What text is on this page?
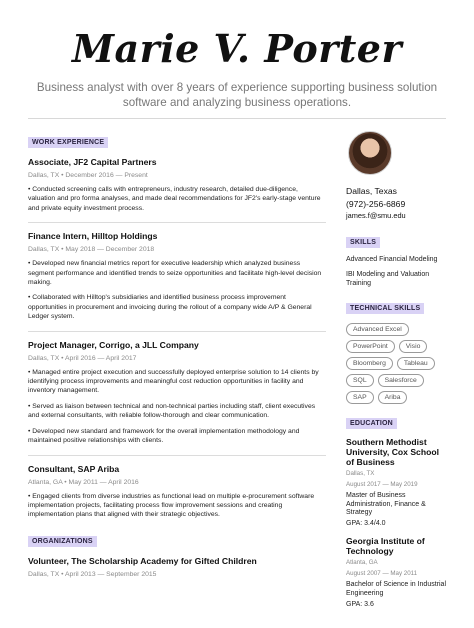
Marie V. Porter
Business analyst with over 8 years of experience supporting business solution software and analyzing business operations.
WORK EXPERIENCE
Associate, JF2 Capital Partners
Dallas, TX • December 2016 — Present
• Conducted screening calls with entrepreneurs, industry research, detailed due-diligence, valuation and pro forma analyses, and made deal recommendations for JF2's early-stage venture and private equity investment process.
Finance Intern, Hilltop Holdings
Dallas, TX • May 2018 — December 2018
• Developed new financial metrics report for executive leadership which analyzed business segment performance and identified trends to seize opportunities and facilitate high-level decision making.
• Collaborated with Hilltop's subsidiaries and identified business process improvement opportunities in procurement and invoicing during the rollout of a company wide A/P & General Ledger system.
Project Manager, Corrigo, a JLL Company
Dallas, TX • April 2016 — April 2017
• Managed entire project execution and successfully deployed enterprise solution to 14 clients by identifying process improvements and meaningful cost reduction opportunities in facility and inventory management.
• Served as liaison between technical and non-technical parties including staff, client executives and external consultants, with reliable follow-thorough and clear communication.
• Developed new standard and framework for the overall implementation methodology and maintained positive relationships with clients.
Consultant, SAP Ariba
Atlanta, GA • May 2011 — April 2016
• Engaged clients from diverse industries as functional lead on multiple e-procurement software implementation projects, facilitating process flow improvement sessions and creating implementation plans that aligned with their strategic objectives.
ORGANIZATIONS
Volunteer, The Scholarship Academy for Gifted Children
Dallas, TX • April 2013 — September 2015
Dallas, Texas
(972)-256-6869
james.f@smu.edu
SKILLS
Advanced Financial Modeling
IBI Modeling and Valuation Training
TECHNICAL SKILLS
Advanced Excel
PowerPoint	Visio
Bloomberg	Tableau
SQL	Salesforce
SAP	Ariba
EDUCATION
Southern Methodist University, Cox School of Business
Dallas, TX
August 2017 — May 2019
Master of Business Administration, Finance & Strategy
GPA: 3.4/4.0
Georgia Institute of Technology
Atlanta, GA
August 2007 — May 2011
Bachelor of Science in Industrial Engineering
GPA: 3.6
